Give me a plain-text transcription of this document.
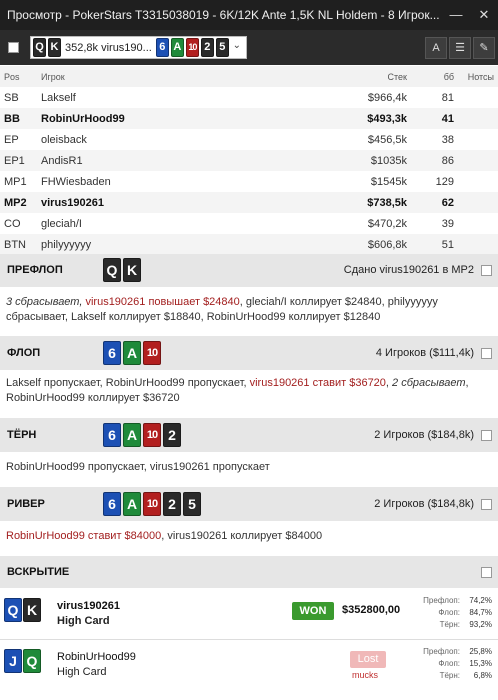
Просмотр - PokerStars T3315038019 - 6K/12K Ante 1,5K NL Holdem - 8 Игрок... —	✕
Q K 352,8k virus190... 6 A 10 2 5 ⌄	A	☰	✎
Pos Игрок	Стек	бб Нотсы
SB Lakself	$966,4k	81
BB RobinUrHood99	$493,3k	41
EP oleisback	$456,5k	38
EP1 AndisR1	$1035k	86
MP1 FHWiesbaden	$1545k	129
MP2 virus190261	$738,5k	62
CO gleciah/I	$470,2k	39
BTN philyyyyyy	$606,8k	51
ПРЕФЛОП	Q K	Сдано virus190261 в MP2
3 сбрасывает, virus190261 повышает $24840, gleciah/I коллирует $24840, philyyyyyy сбрасывает, Lakself коллирует $18840, RobinUrHood99 коллирует $12840
ФЛОП	6 A 10	4 Игроков ($111,4k)
Lakself пропускает, RobinUrHood99 пропускает, virus190261 ставит $36720, 2 сбрасывает, RobinUrHood99 коллирует $36720
ТЁРН	6 A 10 2	2 Игроков ($184,8k)
RobinUrHood99 пропускает, virus190261 пропускает
РИВЕР	6 A 10 2 5	2 Игроков ($184,8k)
RobinUrHood99 ставит $84000, virus190261 коллирует $84000
ВСКРЫТИЕ
Q K	virus190261
High Card
WON	$352800,00
Префлоп:	74,2%
Флоп:	84,7%
Тёрн:	93,2%
J Q	RobinUrHood99
High Card
Lost
mucks
Префлоп:	25,8%
Флоп:	15,3%
Тёрн:	6,8%
